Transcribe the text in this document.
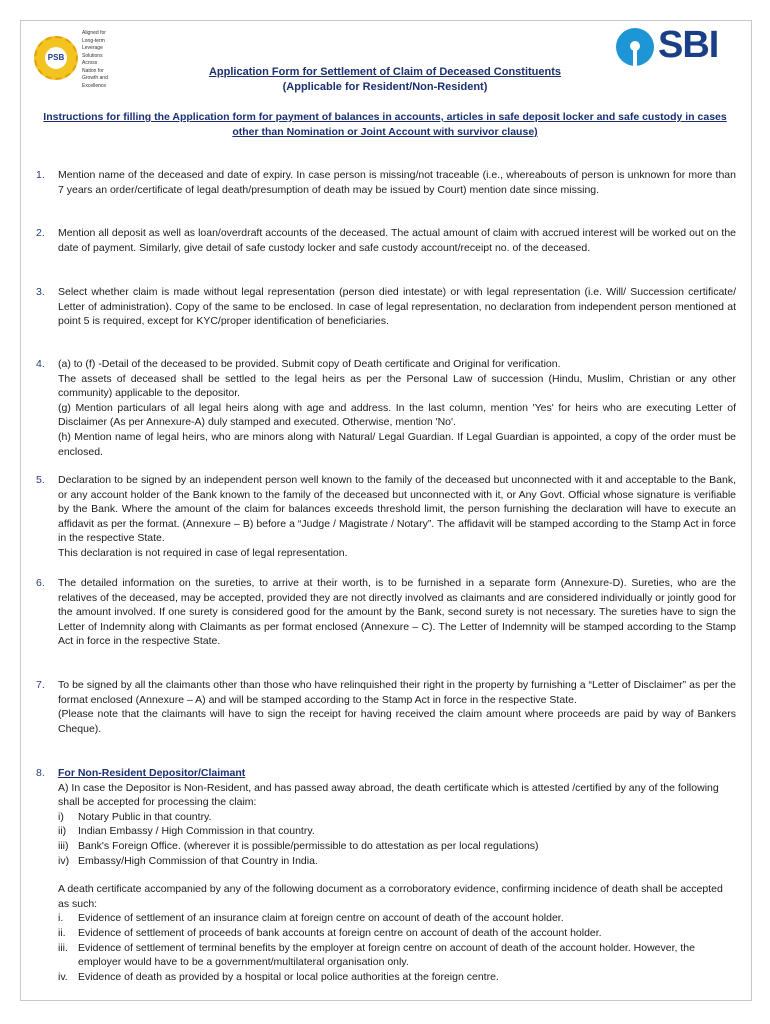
PSB
Aligned for
Long-term
Leverage
Solutions
Across
Nation for
Growth and
Excellence
SBI
Application Form for Settlement of Claim of Deceased Constituents
(Applicable for Resident/Non-Resident)
Instructions for filling the Application form for payment of balances in accounts, articles in safe deposit locker and safe custody in cases other than Nomination or Joint Account with survivor clause)
1. Mention name of the deceased and date of expiry. In case person is missing/not traceable (i.e., whereabouts of person is unknown for more than 7 years an order/certificate of legal death/presumption of death may be issued by Court) mention date since missing.

2. Mention all deposit as well as loan/overdraft accounts of the deceased. The actual amount of claim with accrued interest will be worked out on the date of payment. Similarly, give detail of safe custody locker and safe custody account/receipt no. of the deceased.

3. Select whether claim is made without legal representation (person died intestate) or with legal representation (i.e. Will/ Succession certificate/ Letter of administration). Copy of the same to be enclosed. In case of legal representation, no declaration from independent person mentioned at point 5 is required, except for KYC/proper identification of beneficiaries.

4. (a) to (f) -Detail of the deceased to be provided. Submit copy of Death certificate and Original for verification.

The assets of deceased shall be settled to the legal heirs as per the Personal Law of succession (Hindu, Muslim, Christian or any other community) applicable to the depositor.

(g) Mention particulars of all legal heirs along with age and address. In the last column, mention 'Yes' for heirs who are executing Letter of Disclaimer (As per Annexure-A) duly stamped and executed. Otherwise, mention 'No'.

(h) Mention name of legal heirs, who are minors along with Natural/ Legal Guardian. If Legal Guardian is appointed, a copy of the order must be enclosed.

5. Declaration to be signed by an independent person well known to the family of the deceased but unconnected with it and acceptable to the Bank, or any account holder of the Bank known to the family of the deceased but unconnected with it, or Any Govt. Official whose signature is verifiable by the Bank. Where the amount of the claim for balances exceeds threshold limit, the person furnishing the declaration will have to execute an affidavit as per the format. (Annexure – B) before a “Judge / Magistrate / Notary”. The affidavit will be stamped according to the Stamp Act in force in the respective State.

This declaration is not required in case of legal representation.

6. The detailed information on the sureties, to arrive at their worth, is to be furnished in a separate form (Annexure-D). Sureties, who are the relatives of the deceased, may be accepted, provided they are not directly involved as claimants and are considered individually or jointly good for the amount involved. If one surety is considered good for the amount by the Bank, second surety is not necessary. The sureties have to sign the Letter of Indemnity along with Claimants as per format enclosed (Annexure – C). The Letter of Indemnity will be stamped according to the Stamp Act in force in the respective State.

7. To be signed by all the claimants other than those who have relinquished their right in the property by furnishing a “Letter of Disclaimer” as per the format enclosed (Annexure – A) and will be stamped according to the Stamp Act in force in the respective State.

(Please note that the claimants will have to sign the receipt for having received the claim amount where proceeds are paid by way of Bankers Cheque).

8. For Non-Resident Depositor/Claimant

A) In case the Depositor is Non-Resident, and has passed away abroad, the death certificate which is attested /certified by any of the following shall be accepted for processing the claim:

i) Notary Public in that country.
ii) Indian Embassy / High Commission in that country.
iii) Bank's Foreign Office. (wherever it is possible/permissible to do attestation as per local regulations)
iv) Embassy/High Commission of that Country in India.

A death certificate accompanied by any of the following document as a corroboratory evidence, confirming incidence of death shall be accepted as such:

i. Evidence of settlement of an insurance claim at foreign centre on account of death of the account holder.
ii. Evidence of settlement of proceeds of bank accounts at foreign centre on account of death of the account holder.
iii. Evidence of settlement of terminal benefits by the employer at foreign centre on account of death of the account holder. However, the employer would have to be a government/multilateral organisation only.
iv. Evidence of death as provided by a hospital or local police authorities at the foreign centre.
